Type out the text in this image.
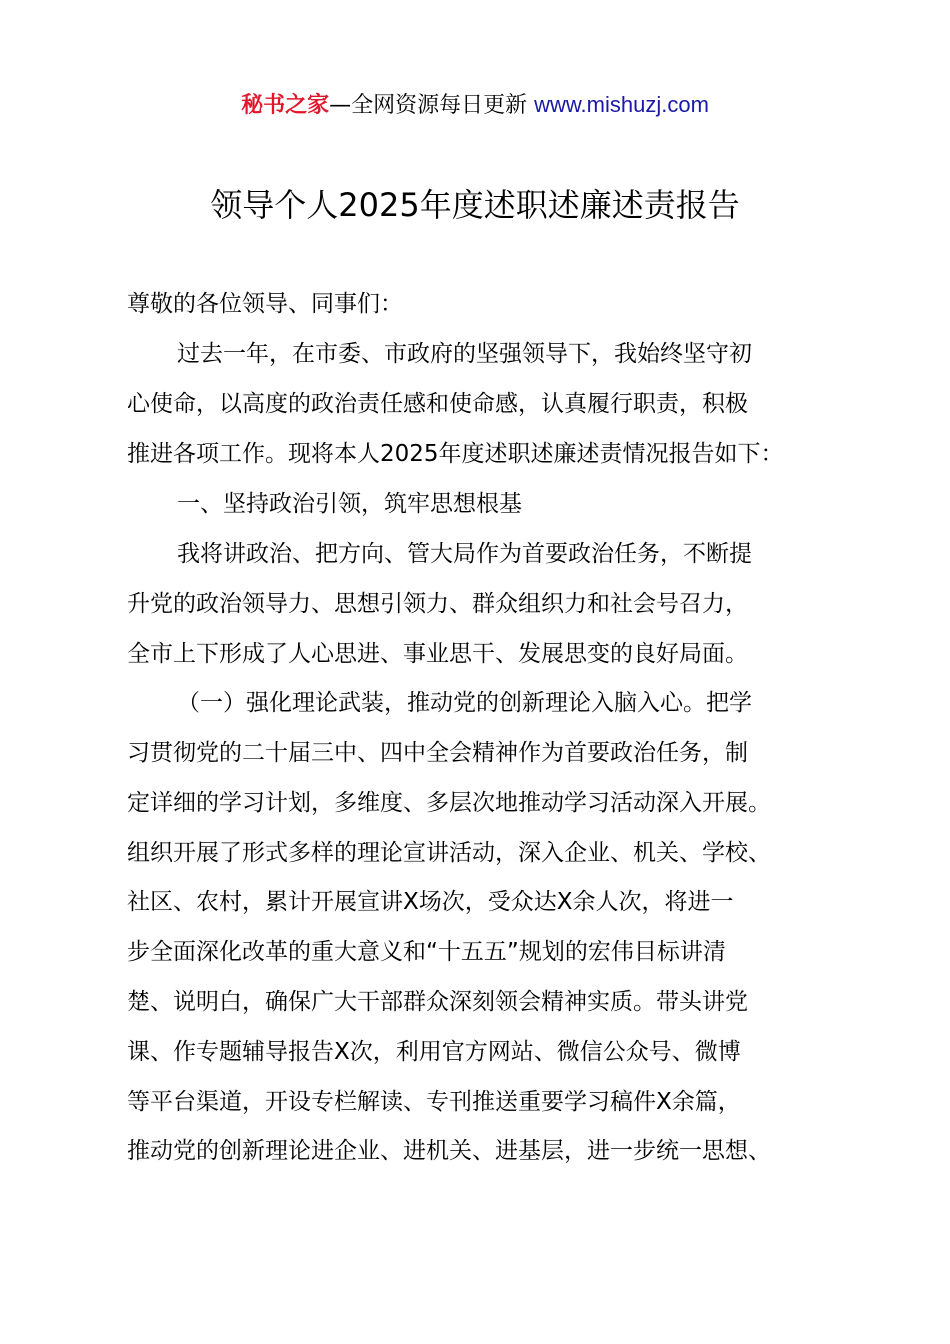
秘书之家—全网资源每日更新 www.mishuzj.com
领导个人2025年度述职述廉述责报告
尊敬的各位领导、同事们：
过去一年，在市委、市政府的坚强领导下，我始终坚守初
心使命，以高度的政治责任感和使命感，认真履行职责，积极
推进各项工作。现将本人2025年度述职述廉述责情况报告如下：
一、坚持政治引领，筑牢思想根基
我将讲政治、把方向、管大局作为首要政治任务，不断提
升党的政治领导力、思想引领力、群众组织力和社会号召力，
全市上下形成了人心思进、事业思干、发展思变的良好局面。
（一）强化理论武装，推动党的创新理论入脑入心。把学
习贯彻党的二十届三中、四中全会精神作为首要政治任务，制
定详细的学习计划，多维度、多层次地推动学习活动深入开展。
组织开展了形式多样的理论宣讲活动，深入企业、机关、学校、
社区、农村，累计开展宣讲X场次，受众达X余人次，将进一
步全面深化改革的重大意义和“十五五”规划的宏伟目标讲清
楚、说明白，确保广大干部群众深刻领会精神实质。带头讲党
课、作专题辅导报告X次，利用官方网站、微信公众号、微博
等平台渠道，开设专栏解读、专刊推送重要学习稿件X余篇，
推动党的创新理论进企业、进机关、进基层，进一步统一思想、
